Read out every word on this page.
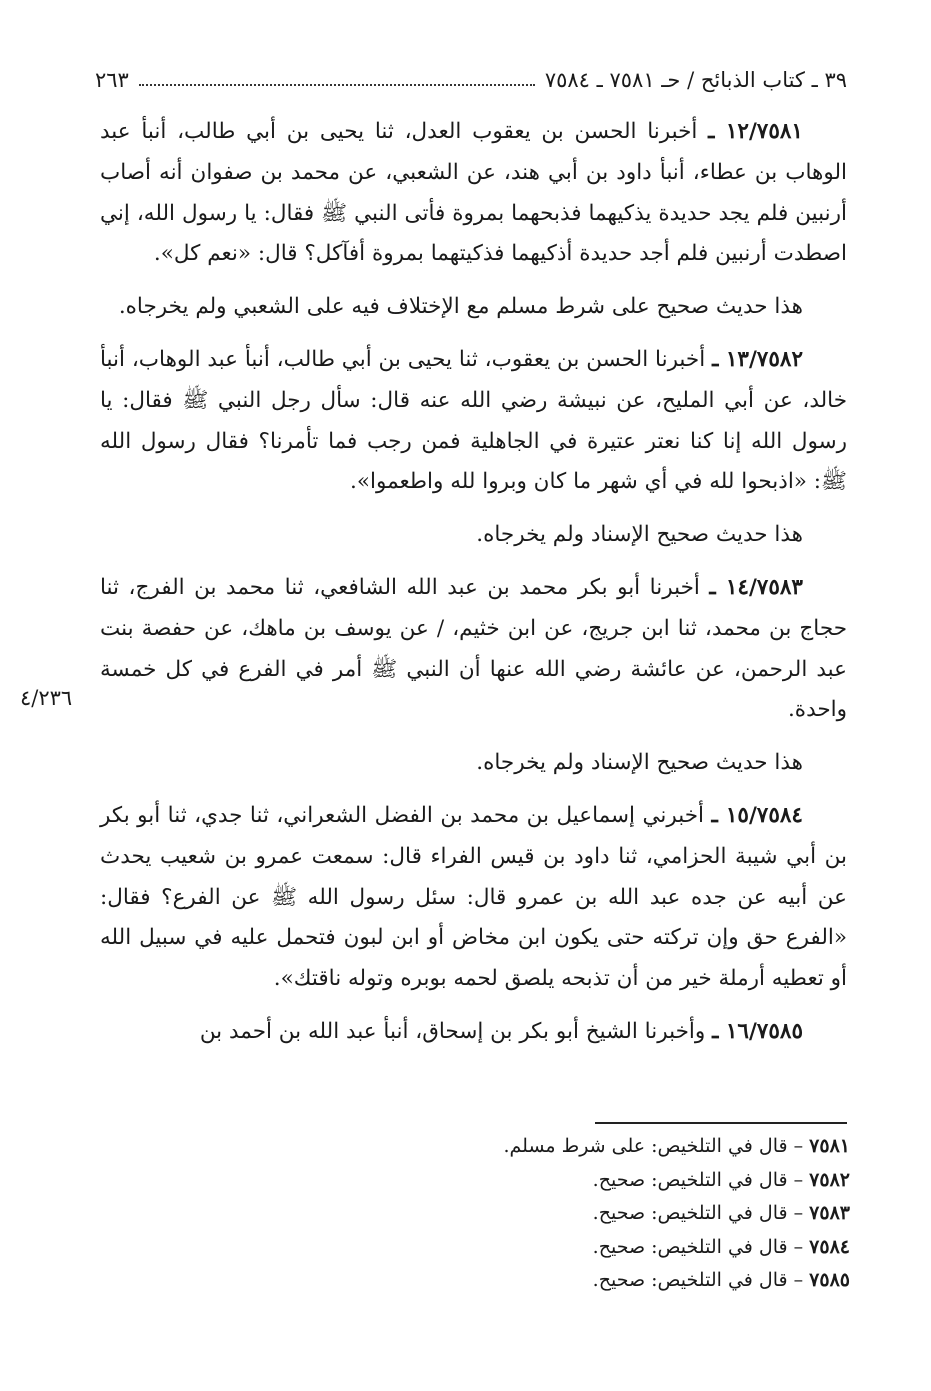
٣٩ ـ كتاب الذبائح / حـ ٧٥٨١ ـ ٧٥٨٤
٢٦٣

١٢/٧٥٨١ ـ أخبرنا الحسن بن يعقوب العدل، ثنا يحيى بن أبي طالب، أنبأ عبد الوهاب بن عطاء، أنبأ داود بن أبي هند، عن الشعبي، عن محمد بن صفوان أنه أصاب أرنبين فلم يجد حديدة يذكيهما فذبحهما بمروة فأتى النبي ﷺ فقال: يا رسول الله، إني اصطدت أرنبين فلم أجد حديدة أذكيهما فذكيتهما بمروة أفآكل؟ قال: «نعم كل».

هذا حديث صحيح على شرط مسلم مع الإختلاف فيه على الشعبي ولم يخرجاه.

١٣/٧٥٨٢ ـ أخبرنا الحسن بن يعقوب، ثنا يحيى بن أبي طالب، أنبأ عبد الوهاب، أنبأ خالد، عن أبي المليح، عن نبيشة رضي الله عنه قال: سأل رجل النبي ﷺ فقال: يا رسول الله إنا كنا نعتر عتيرة في الجاهلية فمن رجب فما تأمرنا؟ فقال رسول الله ﷺ: «اذبحوا لله في أي شهر ما كان وبروا لله واطعموا».

هذا حديث صحيح الإسناد ولم يخرجاه.

١٤/٧٥٨٣ ـ أخبرنا أبو بكر محمد بن عبد الله الشافعي، ثنا محمد بن الفرج، ثنا حجاج بن محمد، ثنا ابن جريج، عن ابن خثيم، / عن يوسف بن ماهك، عن حفصة بنت عبد الرحمن، عن عائشة رضي الله عنها أن النبي ﷺ أمر في الفرع في كل خمسة واحدة.

هذا حديث صحيح الإسناد ولم يخرجاه.

١٥/٧٥٨٤ ـ أخبرني إسماعيل بن محمد بن الفضل الشعراني، ثنا جدي، ثنا أبو بكر بن أبي شيبة الحزامي، ثنا داود بن قيس الفراء قال: سمعت عمرو بن شعيب يحدث عن أبيه عن جده عبد الله بن عمرو قال: سئل رسول الله ﷺ عن الفرع؟ فقال: «الفرع حق وإن تركته حتى يكون ابن مخاض أو ابن لبون فتحمل عليه في سبيل الله أو تعطيه أرملة خير من أن تذبحه يلصق لحمه بوبره وتوله ناقتك».

١٦/٧٥٨٥ ـ وأخبرنا الشيخ أبو بكر بن إسحاق، أنبأ عبد الله بن أحمد بن

٤/٢٣٦

٧٥٨١ – قال في التلخيص: على شرط مسلم.

٧٥٨٢ – قال في التلخيص: صحيح.

٧٥٨٣ – قال في التلخيص: صحيح.

٧٥٨٤ – قال في التلخيص: صحيح.

٧٥٨٥ – قال في التلخيص: صحيح.
